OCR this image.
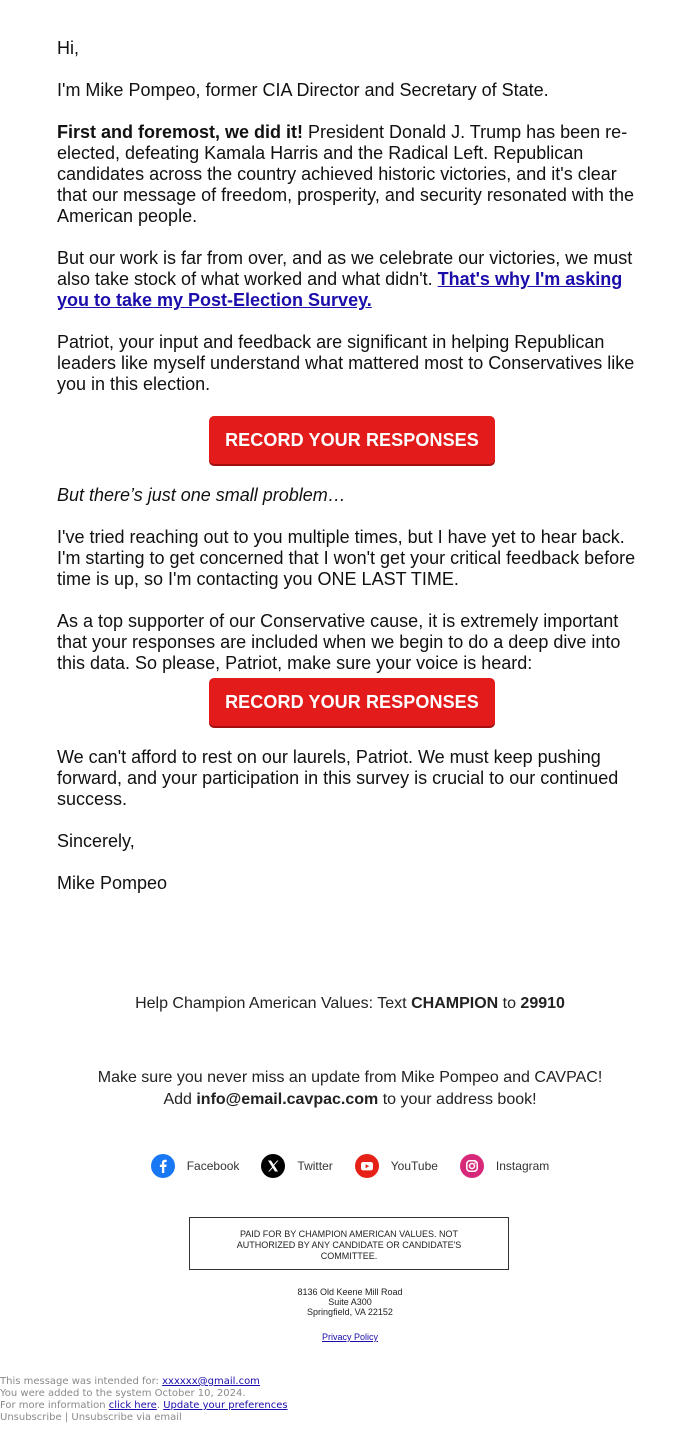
Hi,

I'm Mike Pompeo, former CIA Director and Secretary of State.

First and foremost, we did it! President Donald J. Trump has been re-elected, defeating Kamala Harris and the Radical Left. Republican candidates across the country achieved historic victories, and it's clear that our message of freedom, prosperity, and security resonated with the American people.

But our work is far from over, and as we celebrate our victories, we must also take stock of what worked and what didn't. That's why I'm asking you to take my Post-Election Survey.

Patriot, your input and feedback are significant in helping Republican leaders like myself understand what mattered most to Conservatives like you in this election.

RECORD YOUR RESPONSES

But there’s just one small problem…

I've tried reaching out to you multiple times, but I have yet to hear back. I'm starting to get concerned that I won't get your critical feedback before time is up, so I'm contacting you ONE LAST TIME.

As a top supporter of our Conservative cause, it is extremely important that your responses are included when we begin to do a deep dive into this data. So please, Patriot, make sure your voice is heard:

RECORD YOUR RESPONSES

We can't afford to rest on our laurels, Patriot. We must keep pushing forward, and your participation in this survey is crucial to our continued success.

Sincerely,

Mike Pompeo

Help Champion American Values: Text CHAMPION to 29910
Make sure you never miss an update from Mike Pompeo and CAVPAC!
Add info@email.cavpac.com to your address book!
Facebook	Twitter	YouTube	Instagram
PAID FOR BY CHAMPION AMERICAN VALUES. NOT AUTHORIZED BY ANY CANDIDATE OR CANDIDATE'S COMMITTEE.
8136 Old Keene Mill Road
Suite A300
Springfield, VA 22152
Privacy Policy
This message was intended for: xxxxxx@gmail.com
You were added to the system October 10, 2024.
For more information click here. Update your preferences
Unsubscribe | Unsubscribe via email
